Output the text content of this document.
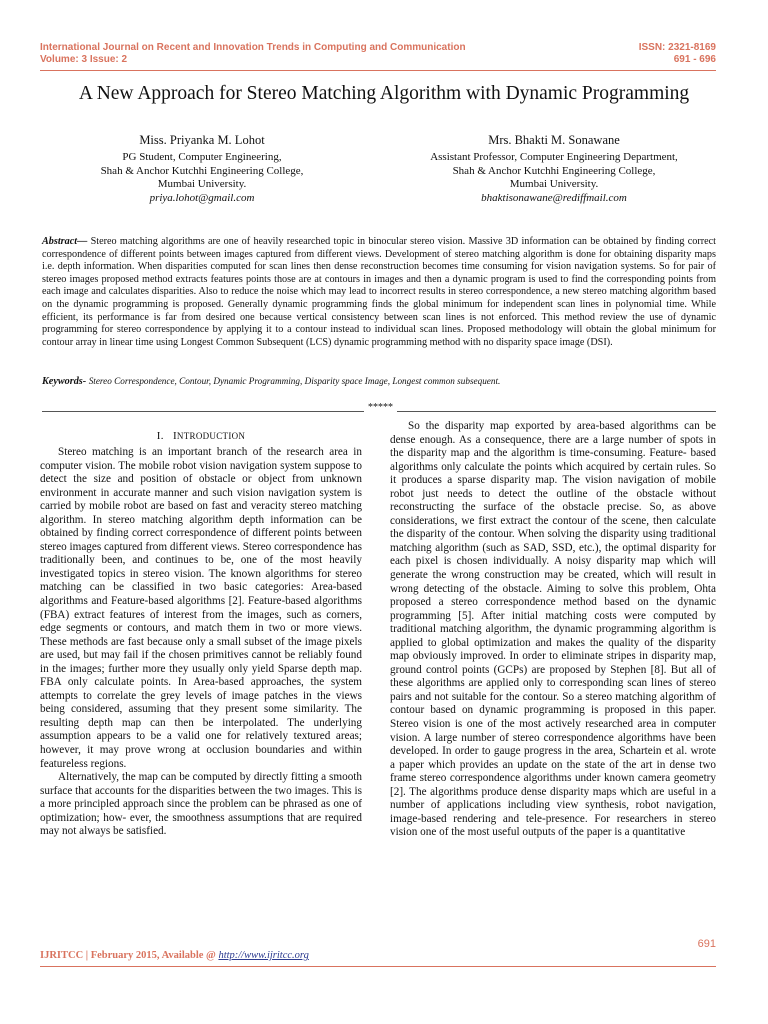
International Journal on Recent and Innovation Trends in Computing and Communication
Volume: 3 Issue: 2
ISSN: 2321-8169
691 - 696
A New Approach for Stereo Matching Algorithm with Dynamic Programming
Miss. Priyanka M. Lohot
PG Student, Computer Engineering,
Shah & Anchor Kutchhi Engineering College,
Mumbai University.
priya.lohot@gmail.com
Mrs. Bhakti M. Sonawane
Assistant Professor, Computer Engineering Department,
Shah & Anchor Kutchhi Engineering College,
Mumbai University.
bhaktisonawane@rediffmail.com
Abstract— Stereo matching algorithms are one of heavily researched topic in binocular stereo vision. Massive 3D information can be obtained by finding correct correspondence of different points between images captured from different views. Development of stereo matching algorithm is done for obtaining disparity maps i.e. depth information. When disparities computed for scan lines then dense reconstruction becomes time consuming for vision navigation systems. So for pair of stereo images proposed method extracts features points those are at contours in images and then a dynamic program is used to find the corresponding points from each image and calculates disparities. Also to reduce the noise which may lead to incorrect results in stereo correspondence, a new stereo matching algorithm based on the dynamic programming is proposed. Generally dynamic programming finds the global minimum for independent scan lines in polynomial time. While efficient, its performance is far from desired one because vertical consistency between scan lines is not enforced. This method review the use of dynamic programming for stereo correspondence by applying it to a contour instead to individual scan lines. Proposed methodology will obtain the global minimum for contour array in linear time using Longest Common Subsequent (LCS) dynamic programming method with no disparity space image (DSI).
Keywords- Stereo Correspondence, Contour, Dynamic Programming, Disparity space Image, Longest common subsequent.
*****
I. INTRODUCTION

Stereo matching is an important branch of the research area in computer vision. The mobile robot vision navigation system suppose to detect the size and position of obstacle or object from unknown environment in accurate manner and such vision navigation system is carried by mobile robot are based on fast and veracity stereo matching algorithm. In stereo matching algorithm depth information can be obtained by finding correct correspondence of different points between stereo images captured from different views. Stereo correspondence has traditionally been, and continues to be, one of the most heavily investigated topics in stereo vision. The known algorithms for stereo matching can be classified in two basic categories: Area-based algorithms and Feature-based algorithms [2]. Feature-based algorithms (FBA) extract features of interest from the images, such as corners, edge segments or contours, and match them in two or more views. These methods are fast because only a small subset of the image pixels are used, but may fail if the chosen primitives cannot be reliably found in the images; further more they usually only yield Sparse depth map. FBA only calculate points. In Area-based approaches, the system attempts to correlate the grey levels of image patches in the views being considered, assuming that they present some similarity. The resulting depth map can then be interpolated. The underlying assumption appears to be a valid one for relatively textured areas; however, it may prove wrong at occlusion boundaries and within featureless regions.

Alternatively, the map can be computed by directly fitting a smooth surface that accounts for the disparities between the two images. This is a more principled approach since the problem can be phrased as one of optimization; how- ever, the smoothness assumptions that are required may not always be satisfied.

So the disparity map exported by area-based algorithms can be dense enough. As a consequence, there are a large number of spots in the disparity map and the algorithm is time-consuming. Feature- based algorithms only calculate the points which acquired by certain rules. So it produces a sparse disparity map. The vision navigation of mobile robot just needs to detect the outline of the obstacle without reconstructing the surface of the obstacle precise. So, as above considerations, we first extract the contour of the scene, then calculate the disparity of the contour. When solving the disparity using traditional matching algorithm (such as SAD, SSD, etc.), the optimal disparity for each pixel is chosen individually. A noisy disparity map which will generate the wrong construction may be created, which will result in wrong detecting of the obstacle. Aiming to solve this problem, Ohta proposed a stereo correspondence method based on the dynamic programming [5]. After initial matching costs were computed by traditional matching algorithm, the dynamic programming algorithm is applied to global optimization and makes the quality of the disparity map obviously improved. In order to eliminate stripes in disparity map, ground control points (GCPs) are proposed by Stephen [8]. But all of these algorithms are applied only to corresponding scan lines of stereo pairs and not suitable for the contour. So a stereo matching algorithm of contour based on dynamic programming is proposed in this paper. Stereo vision is one of the most actively researched area in computer vision. A large number of stereo correspondence algorithms have been developed. In order to gauge progress in the area, Schartein et al. wrote a paper which provides an update on the state of the art in dense two frame stereo correspondence algorithms under known camera geometry [2]. The algorithms produce dense disparity maps which are useful in a number of applications including view synthesis, robot navigation, image-based rendering and tele-presence. For researchers in stereo vision one of the most useful outputs of the paper is a quantitative

691
IJRITCC | February 2015, Available @ http://www.ijritcc.org
